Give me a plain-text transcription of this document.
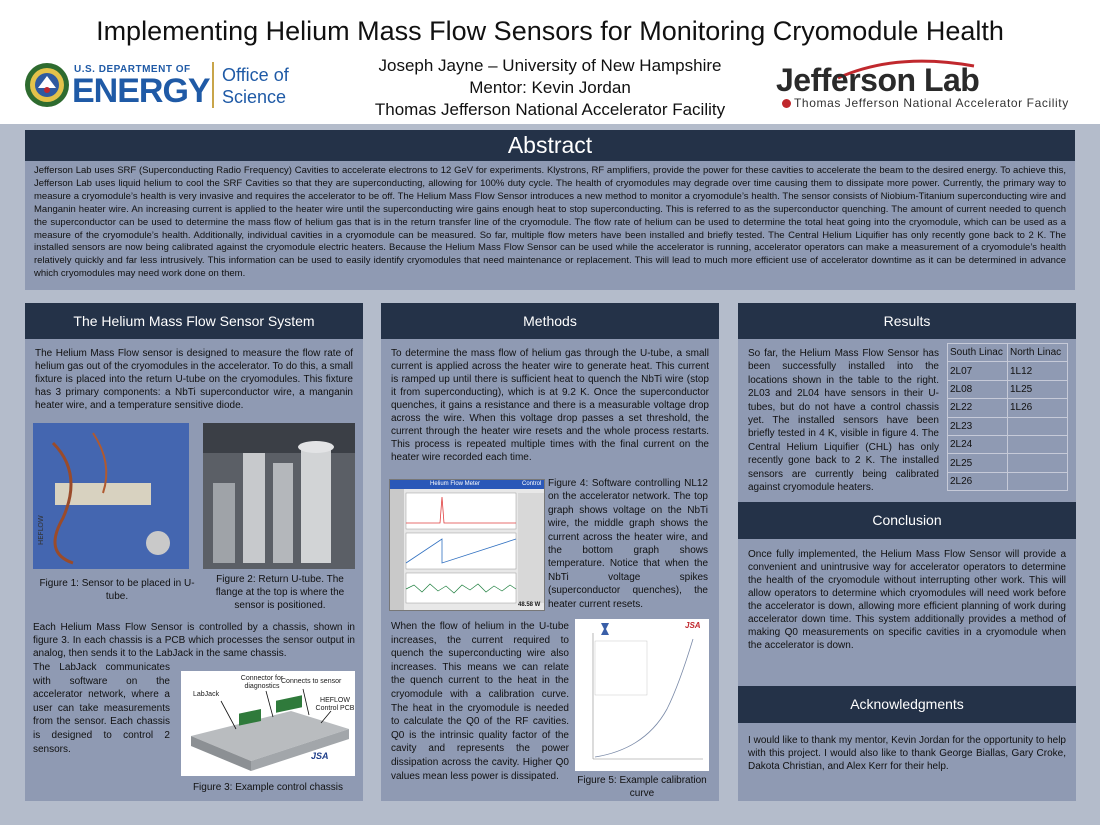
Implementing Helium Mass Flow Sensors for Monitoring Cryomodule Health
Joseph Jayne – University of New Hampshire
Mentor: Kevin Jordan
Thomas Jefferson National Accelerator Facility
U.S. DEPARTMENT OF
ENERGY Office of
Science	Jefferson Lab
Thomas Jefferson National Accelerator Facility
Abstract
Jefferson Lab uses SRF (Superconducting Radio Frequency) Cavities to accelerate electrons to 12 GeV for experiments. Klystrons, RF amplifiers, provide the power for these cavities to accelerate the beam to the desired energy. To achieve this, Jefferson Lab uses liquid helium to cool the SRF Cavities so that they are superconducting, allowing for 100% duty cycle. The health of cryomodules may degrade over time causing them to dissipate more power. Currently, the primary way to measure a cryomodule’s health is very invasive and requires the accelerator to be off. The Helium Mass Flow Sensor introduces a new method to monitor a cryomodule’s health. The sensor consists of Niobium-Titanium superconducting wire and Manganin heater wire. An increasing current is applied to the heater wire until the superconducting wire gains enough heat to stop superconducting. This is referred to as the superconductor quenching. The amount of current needed to quench the superconductor can be used to determine the mass flow of helium gas that is in the return transfer line of the cryomodule. The flow rate of helium can be used to determine the total heat going into the cryomodule, which can be used as a measure of the cryomodule’s health. Additionally, individual cavities in a cryomodule can be measured. So far, multiple flow meters have been installed and briefly tested. The Central Helium Liquifier has only recently gone back to 2 K. The installed sensors are now being calibrated against the cryomodule electric heaters. Because the Helium Mass Flow Sensor can be used while the accelerator is running, accelerator operators can make a measurement of a cryomodule’s health relatively quickly and far less intrusively. This information can be used to easily identify cryomodules that need maintenance or replacement. This will lead to much more efficient use of accelerator downtime as it can be determined in advance which cryomodules may need work done on them.
The Helium Mass Flow Sensor System
The Helium Mass Flow sensor is designed to measure the flow rate of helium gas out of the cryomodules in the accelerator. To do this, a small fixture is placed into the return U-tube on the cryomodules. This fixture has 3 primary components: a NbTi superconductor wire, a manganin heater wire, and a temperature sensitive diode.
HEFLOW
Figure 1: Sensor to be placed in U-tube.
Figure 2: Return U-tube. The flange at the top is where the sensor is positioned.
Each Helium Mass Flow Sensor is controlled by a chassis, shown in figure 3. In each chassis is a PCB which processes the sensor output in analog, then sends it to the LabJack in the same chassis.
The LabJack communicates with software on the accelerator network, where a user can take measurements from the sensor. Each chassis is designed to control 2 sensors.
LabJack
Connector for diagnostics
Connects to sensor
HEFLOW Control PCB
JSA
Figure 3: Example control chassis
Methods
To determine the mass flow of helium gas through the U-tube, a small current is applied across the heater wire to generate heat. This current is ramped up until there is sufficient heat to quench the NbTi wire (stop it from superconducting), which is at 9.2 K. Once the superconductor quenches, it gains a resistance and there is a measurable voltage drop across the wire. When this voltage drop passes a set threshold, the current through the heater wire resets and the whole process restarts. This process is repeated multiple times with the final current on the heater wire recorded each time.
Helium Flow Meter	Control
48.58 W
Figure 4: Software controlling NL12 on the accelerator network. The top graph shows voltage on the NbTi wire, the middle graph shows the current across the heater wire, and the bottom graph shows temperature. Notice that when the NbTi voltage spikes (superconductor quenches), the heater current resets.
When the flow of helium in the U-tube increases, the current required to quench the superconducting wire also increases. This means we can relate the quench current to the heat in the cryomodule with a calibration curve. The heat in the cryomodule is needed to calculate the Q0 of the RF cavities. Q0 is the intrinsic quality factor of the cavity and represents the power dissipation across the cavity. Higher Q0 values mean less power is dissipated.
JSA
Figure 5: Example calibration curve
Results
So far, the Helium Mass Flow Sensor has been successfully installed into the locations shown in the table to the right. 2L03 and 2L04 have sensors in their U-tubes, but do not have a control chassis yet. The installed sensors have been briefly tested in 4 K, visible in figure 4. The Central Helium Liquifier (CHL) has only recently gone back to 2 K. The installed sensors are currently being calibrated against cryomodule heaters.
South Linac	North Linac
2L07	1L12
2L08	1L25
2L22	1L26
2L23	
2L24	
2L25	
2L26	
Conclusion
Once fully implemented, the Helium Mass Flow Sensor will provide a convenient and unintrusive way for accelerator operators to determine the health of the cryomodule without interrupting other work. This will allow operators to determine which cryomodules will need work before the accelerator is down, allowing more efficient planning of work during accelerator down time. This system additionally provides a method of making Q0 measurements on specific cavities in a cryomodule when the accelerator is down.
Acknowledgments
I would like to thank my mentor, Kevin Jordan for the opportunity to help with this project. I would also like to thank George Biallas, Gary Croke, Dakota Christian, and Alex Kerr for their help.
